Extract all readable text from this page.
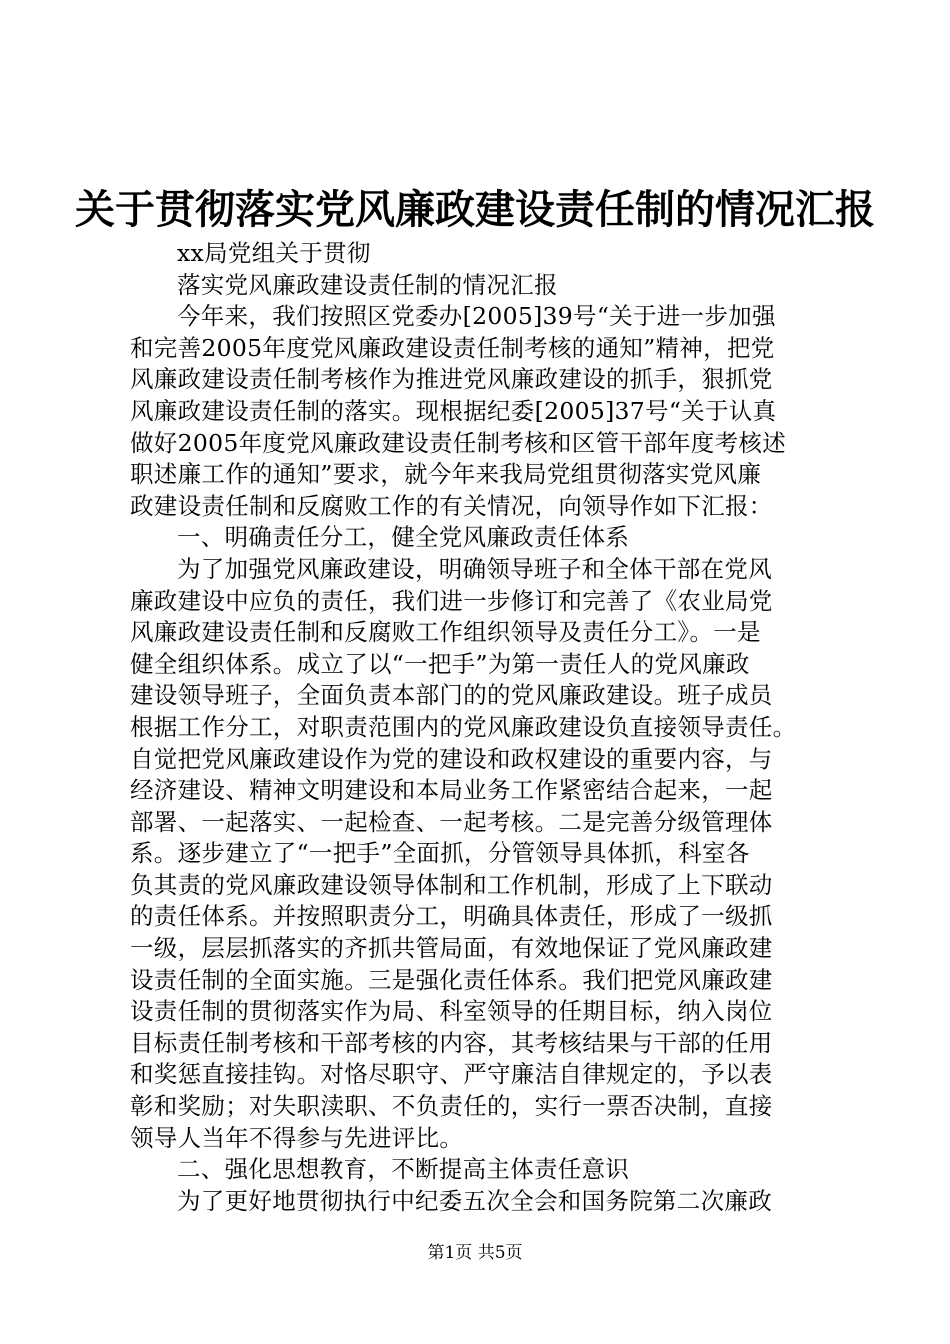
关于贯彻落实党风廉政建设责任制的情况汇报
xx局党组关于贯彻
落实党风廉政建设责任制的情况汇报
今年来，我们按照区党委办[2005]39号“关于进一步加强
和完善2005年度党风廉政建设责任制考核的通知”精神，把党
风廉政建设责任制考核作为推进党风廉政建设的抓手，狠抓党
风廉政建设责任制的落实。现根据纪委[2005]37号“关于认真
做好2005年度党风廉政建设责任制考核和区管干部年度考核述
职述廉工作的通知”要求，就今年来我局党组贯彻落实党风廉
政建设责任制和反腐败工作的有关情况，向领导作如下汇报：
一、明确责任分工，健全党风廉政责任体系
为了加强党风廉政建设，明确领导班子和全体干部在党风
廉政建设中应负的责任，我们进一步修订和完善了《农业局党
风廉政建设责任制和反腐败工作组织领导及责任分工》。一是
健全组织体系。成立了以“一把手”为第一责任人的党风廉政
建设领导班子，全面负责本部门的的党风廉政建设。班子成员
根据工作分工，对职责范围内的党风廉政建设负直接领导责任。
自觉把党风廉政建设作为党的建设和政权建设的重要内容，与
经济建设、精神文明建设和本局业务工作紧密结合起来，一起
部署、一起落实、一起检查、一起考核。二是完善分级管理体
系。逐步建立了“一把手”全面抓，分管领导具体抓，科室各
负其责的党风廉政建设领导体制和工作机制，形成了上下联动
的责任体系。并按照职责分工，明确具体责任，形成了一级抓
一级，层层抓落实的齐抓共管局面，有效地保证了党风廉政建
设责任制的全面实施。三是强化责任体系。我们把党风廉政建
设责任制的贯彻落实作为局、科室领导的任期目标，纳入岗位
目标责任制考核和干部考核的内容，其考核结果与干部的任用
和奖惩直接挂钩。对恪尽职守、严守廉洁自律规定的，予以表
彰和奖励；对失职渎职、不负责任的，实行一票否决制，直接
领导人当年不得参与先进评比。
二、强化思想教育，不断提高主体责任意识
为了更好地贯彻执行中纪委五次全会和国务院第二次廉政
第1页 共5页
